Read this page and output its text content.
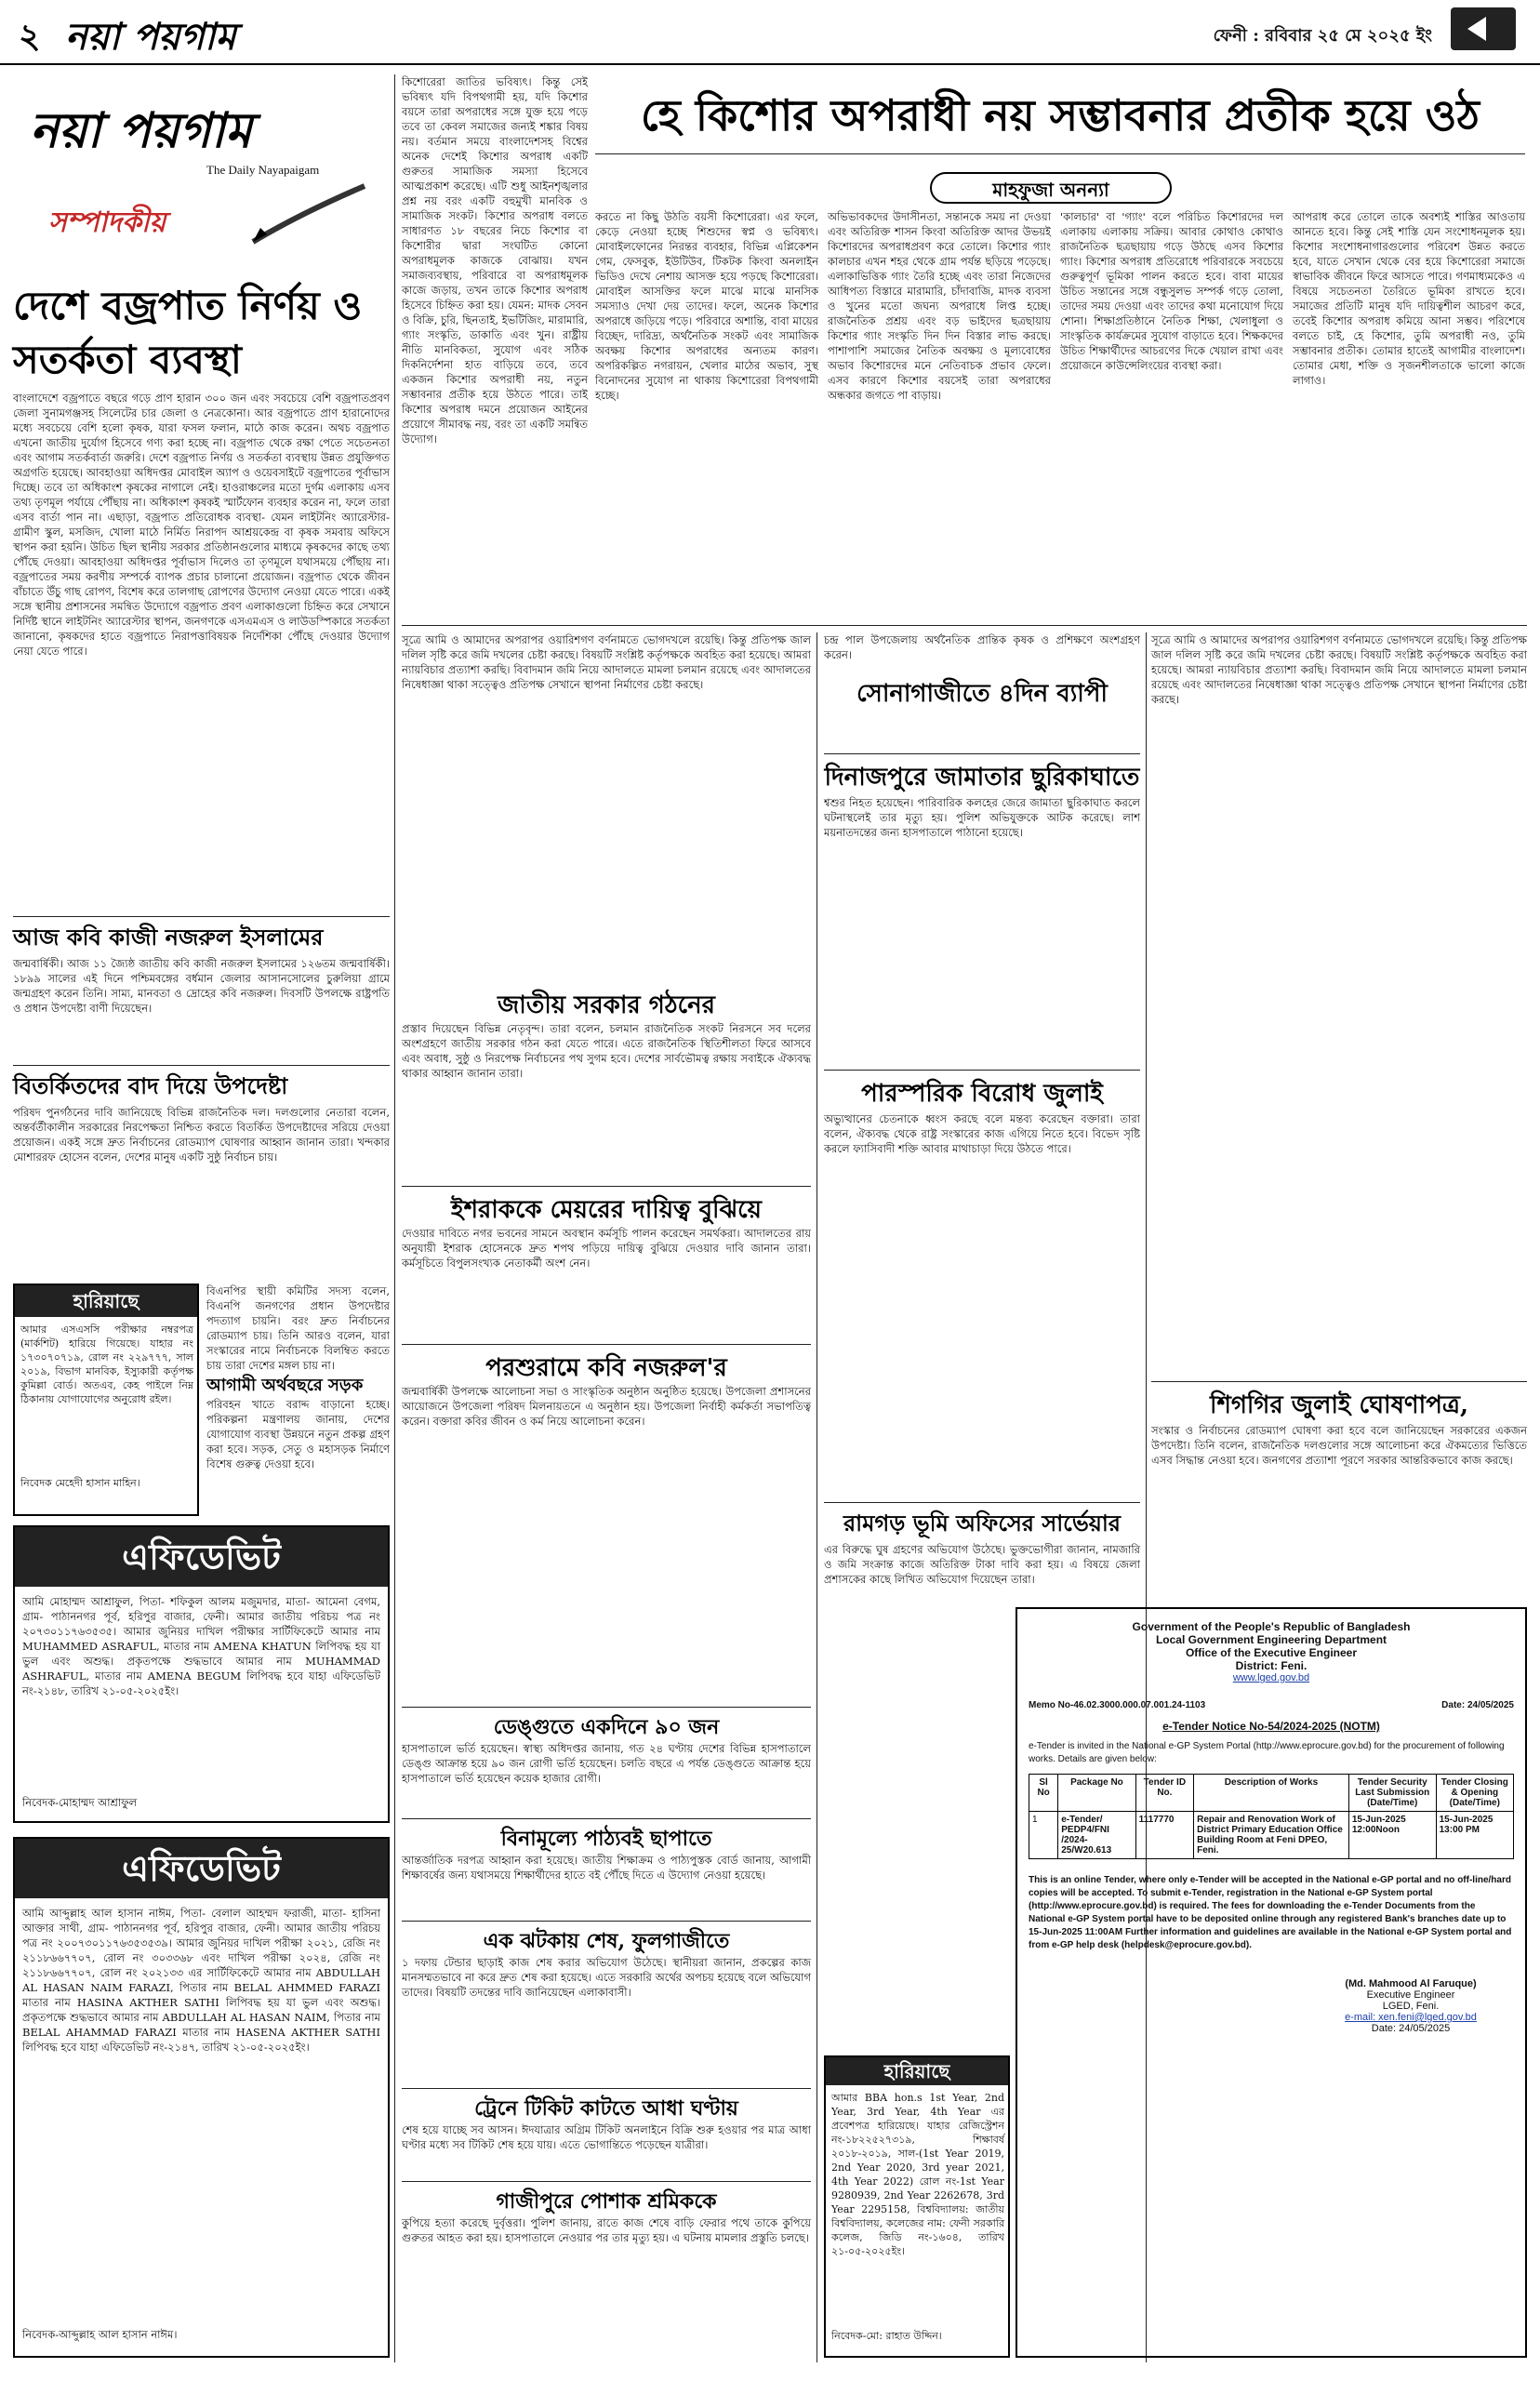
২ নয়া পয়গাম	ফেনী : রবিবার ২৫ মে ২০২৫ ইং
নয়া পয়গাম
The Daily Nayapaigam
সম্পাদকীয়
দেশে বজ্রপাত নির্ণয় ও সতর্কতা ব্যবস্থা
বাংলাদেশে বজ্রপাতে বছরে গড়ে প্রাণ হারান ৩০০ জন এবং সবচেয়ে বেশি বজ্রপাতপ্রবণ জেলা সুনামগঞ্জসহ সিলেটের চার জেলা ও নেত্রকোনা। আর বজ্রপাতে প্রাণ হারানোদের মধ্যে সবচেয়ে বেশি হলো কৃষক, যারা ফসল ফলান, মাঠে কাজ করেন। অথচ বজ্রপাত এখনো জাতীয় দুর্যোগ হিসেবে গণ্য করা হচ্ছে না। বজ্রপাত থেকে রক্ষা পেতে সচেতনতা এবং আগাম সতর্কবার্তা জরুরি। দেশে বজ্রপাত নির্ণয় ও সতর্কতা ব্যবস্থায় উন্নত প্রযুক্তিগত অগ্রগতি হয়েছে। আবহাওয়া অধিদপ্তর মোবাইল অ্যাপ ও ওয়েবসাইটে বজ্রপাতের পূর্বাভাস দিচ্ছে। তবে তা অধিকাংশ কৃষকের নাগালে নেই। হাওরাঞ্চলের মতো দুর্গম এলাকায় এসব তথ্য তৃণমূল পর্যায়ে পৌঁছায় না। অধিকাংশ কৃষকই স্মার্টফোন ব্যবহার করেন না, ফলে তারা এসব বার্তা পান না। এছাড়া, বজ্রপাত প্রতিরোধক ব্যবস্থা- যেমন লাইটনিং অ্যারেস্টার-গ্রামীণ স্কুল, মসজিদ, খোলা মাঠে নির্মিত নিরাপদ আশ্রয়কেন্দ্র বা কৃষক সমবায় অফিসে স্থাপন করা হয়নি। উচিত ছিল স্থানীয় সরকার প্রতিষ্ঠানগুলোর মাধ্যমে কৃষকদের কাছে তথ্য পৌঁছে দেওয়া। আবহাওয়া অধিদপ্তর পূর্বাভাস দিলেও তা তৃণমূলে যথাসময়ে পৌঁছায় না। বজ্রপাতের সময় করণীয় সম্পর্কে ব্যাপক প্রচার চালানো প্রয়োজন। বজ্রপাত থেকে জীবন বাঁচাতে উঁচু গাছ রোপণ, বিশেষ করে তালগাছ রোপণের উদ্যোগ নেওয়া যেতে পারে। একই সঙ্গে স্থানীয় প্রশাসনের সমন্বিত উদ্যোগে বজ্রপাত প্রবণ এলাকাগুলো চিহ্নিত করে সেখানে নির্দিষ্ট স্থানে লাইটনিং অ্যারেস্টার স্থাপন, জনগণকে এসএমএস ও লাউডস্পিকারে সতর্কতা জানানো, কৃষকদের হাতে বজ্রপাতে নিরাপত্তাবিষয়ক নির্দেশিকা পৌঁছে দেওয়ার উদ্যোগ নেয়া যেতে পারে।
কিশোরেরা জাতির ভবিষ্যৎ। কিন্তু সেই ভবিষ্যৎ যদি বিপথগামী হয়, যদি কিশোর বয়সে তারা অপরাধের সঙ্গে যুক্ত হয়ে পড়ে তবে তা কেবল সমাজের জন্যই শঙ্কার বিষয় নয়। বর্তমান সময়ে বাংলাদেশসহ বিশ্বের অনেক দেশেই কিশোর অপরাধ একটি গুরুতর সামাজিক সমস্যা হিসেবে আত্মপ্রকাশ করেছে। এটি শুধু আইনশৃঙ্খলার প্রশ্ন নয় বরং একটি বহুমুখী মানবিক ও সামাজিক সংকট। কিশোর অপরাধ বলতে সাধারণত ১৮ বছরের নিচে কিশোর বা কিশোরীর দ্বারা সংঘটিত কোনো অপরাধমূলক কাজকে বোঝায়। যখন সমাজব্যবস্থায়, পরিবারে বা অপরাধমূলক কাজে জড়ায়, তখন তাকে কিশোর অপরাধ হিসেবে চিহ্নিত করা হয়। যেমন: মাদক সেবন ও বিক্রি, চুরি, ছিনতাই, ইভটিজিং, মারামারি, গ্যাং সংস্কৃতি, ডাকাতি এবং খুন। রাষ্ট্রীয় নীতি মানবিকতা, সুযোগ এবং সঠিক দিকনির্দেশনা হাত বাড়িয়ে তবে, তবে একজন কিশোর অপরাধী নয়, নতুন সম্ভাবনার প্রতীক হয়ে উঠতে পারে। তাই কিশোর অপরাধ দমনে প্রয়োজন আইনের প্রয়োগে সীমাবদ্ধ নয়, বরং তা একটি সমন্বিত উদ্যোগ।
হে কিশোর অপরাধী নয় সম্ভাবনার প্রতীক হয়ে ওঠ
মাহফুজা অনন্যা
করতে না কিছু উঠতি বয়সী কিশোরেরা। এর ফলে, কেড়ে নেওয়া হচ্ছে শিশুদের স্বপ্ন ও ভবিষ্যৎ। মোবাইলফোনের নিরন্তর ব্যবহার, বিভিন্ন এপ্লিকেশন গেম, ফেসবুক, ইউটিউব, টিকটক কিংবা অনলাইন ভিডিও দেখে নেশায় আসক্ত হয়ে পড়ছে কিশোরেরা। মোবাইল আসক্তির ফলে মাঝে মাঝে মানসিক সমস্যাও দেখা দেয় তাদের। ফলে, অনেক কিশোর অপরাধে জড়িয়ে পড়ে। পরিবারে অশান্তি, বাবা মায়ের বিচ্ছেদ, দারিদ্র্য, অর্থনৈতিক সংকট এবং সামাজিক অবক্ষয় কিশোর অপরাধের অন্যতম কারণ। অপরিকল্পিত নগরায়ন, খেলার মাঠের অভাব, সুস্থ বিনোদনের সুযোগ না থাকায় কিশোরেরা বিপথগামী হচ্ছে।
অভিভাবকদের উদাসীনতা, সন্তানকে সময় না দেওয়া এবং অতিরিক্ত শাসন কিংবা অতিরিক্ত আদর উভয়ই কিশোরদের অপরাধপ্রবণ করে তোলে। কিশোর গ্যাং কালচার এখন শহর থেকে গ্রাম পর্যন্ত ছড়িয়ে পড়েছে। এলাকাভিত্তিক গ্যাং তৈরি হচ্ছে এবং তারা নিজেদের আধিপত্য বিস্তারে মারামারি, চাঁদাবাজি, মাদক ব্যবসা ও খুনের মতো জঘন্য অপরাধে লিপ্ত হচ্ছে। রাজনৈতিক প্রশ্রয় এবং বড় ভাইদের ছত্রছায়ায় কিশোর গ্যাং সংস্কৃতি দিন দিন বিস্তার লাভ করছে। পাশাপাশি সমাজের নৈতিক অবক্ষয় ও মূল্যবোধের অভাব কিশোরদের মনে নেতিবাচক প্রভাব ফেলে। এসব কারণে কিশোর বয়সেই তারা অপরাধের অন্ধকার জগতে পা বাড়ায়।
'কালচার' বা 'গ্যাং' বলে পরিচিত কিশোরদের দল এলাকায় এলাকায় সক্রিয়। আবার কোথাও কোথাও রাজনৈতিক ছত্রছায়ায় গড়ে উঠছে এসব কিশোর গ্যাং। কিশোর অপরাধ প্রতিরোধে পরিবারকে সবচেয়ে গুরুত্বপূর্ণ ভূমিকা পালন করতে হবে। বাবা মায়ের উচিত সন্তানের সঙ্গে বন্ধুসুলভ সম্পর্ক গড়ে তোলা, তাদের সময় দেওয়া এবং তাদের কথা মনোযোগ দিয়ে শোনা। শিক্ষাপ্রতিষ্ঠানে নৈতিক শিক্ষা, খেলাধুলা ও সাংস্কৃতিক কার্যক্রমের সুযোগ বাড়াতে হবে। শিক্ষকদের উচিত শিক্ষার্থীদের আচরণের দিকে খেয়াল রাখা এবং প্রয়োজনে কাউন্সেলিংয়ের ব্যবস্থা করা।
আপরাধ করে তোলে তাকে অবশ্যই শাস্তির আওতায় আনতে হবে। কিন্তু সেই শাস্তি যেন সংশোধনমূলক হয়। কিশোর সংশোধনাগারগুলোর পরিবেশ উন্নত করতে হবে, যাতে সেখান থেকে বের হয়ে কিশোরেরা সমাজে স্বাভাবিক জীবনে ফিরে আসতে পারে। গণমাধ্যমকেও এ বিষয়ে সচেতনতা তৈরিতে ভূমিকা রাখতে হবে। সমাজের প্রতিটি মানুষ যদি দায়িত্বশীল আচরণ করে, তবেই কিশোর অপরাধ কমিয়ে আনা সম্ভব। পরিশেষে বলতে চাই, হে কিশোর, তুমি অপরাধী নও, তুমি সম্ভাবনার প্রতীক। তোমার হাতেই আগামীর বাংলাদেশ। তোমার মেধা, শক্তি ও সৃজনশীলতাকে ভালো কাজে লাগাও।
আজ কবি কাজী নজরুল ইসলামের
জন্মবার্ষিকী। আজ ১১ জ্যৈষ্ঠ জাতীয় কবি কাজী নজরুল ইসলামের ১২৬তম জন্মবার্ষিকী। ১৮৯৯ সালের এই দিনে পশ্চিমবঙ্গের বর্ধমান জেলার আসানসোলের চুরুলিয়া গ্রামে জন্মগ্রহণ করেন তিনি। সাম্য, মানবতা ও দ্রোহের কবি নজরুল। দিবসটি উপলক্ষে রাষ্ট্রপতি ও প্রধান উপদেষ্টা বাণী দিয়েছেন।
বিতর্কিতদের বাদ দিয়ে উপদেষ্টা
পরিষদ পুনর্গঠনের দাবি জানিয়েছে বিভিন্ন রাজনৈতিক দল। দলগুলোর নেতারা বলেন, অন্তর্বর্তীকালীন সরকারের নিরপেক্ষতা নিশ্চিত করতে বিতর্কিত উপদেষ্টাদের সরিয়ে দেওয়া প্রয়োজন। একই সঙ্গে দ্রুত নির্বাচনের রোডম্যাপ ঘোষণার আহ্বান জানান তারা। খন্দকার মোশাররফ হোসেন বলেন, দেশের মানুষ একটি সুষ্ঠু নির্বাচন চায়।
হারিয়াছে
আমার এসএসসি পরীক্ষার নম্বরপত্র (মার্কশিট) হারিয়ে গিয়েছে। যাহার নং ১৭৩০৭০৭১৯, রোল নং ২২৯৭৭৭, সাল ২০১৯, বিভাগ মানবিক, ইস্যুকারী কর্তৃপক্ষ কুমিল্লা বোর্ড। অতএব, কেহ পাইলে নিম্ন ঠিকানায় যোগাযোগের অনুরোধ রইল।
নিবেদক মেহেদী হাসান মাহিন।
বিএনপির স্থায়ী কমিটির সদস্য বলেন, বিএনপি জনগণের প্রধান উপদেষ্টার পদত্যাগ চায়নি। বরং দ্রুত নির্বাচনের রোডম্যাপ চায়। তিনি আরও বলেন, যারা সংস্কারের নামে নির্বাচনকে বিলম্বিত করতে চায় তারা দেশের মঙ্গল চায় না।
আগামী অর্থবছরে সড়ক
পরিবহন খাতে বরাদ্দ বাড়ানো হচ্ছে। পরিকল্পনা মন্ত্রণালয় জানায়, দেশের যোগাযোগ ব্যবস্থা উন্নয়নে নতুন প্রকল্প গ্রহণ করা হবে। সড়ক, সেতু ও মহাসড়ক নির্মাণে বিশেষ গুরুত্ব দেওয়া হবে।
এফিডেভিট
আমি মোহাম্মদ আশ্রাফুল, পিতা- শফিকুল আলম মজুমদার, মাতা- আমেনা বেগম, গ্রাম- পাঠাননগর পূর্ব, হরিপুর বাজার, ফেনী। আমার জাতীয় পরিচয় পত্র নং ২০৭৩০১১৭৬৩৫৩৫। আমার জুনিয়র দাখিল পরীক্ষার সার্টিফিকেটে আমার নাম MUHAMMED ASRAFUL, মাতার নাম AMENA KHATUN লিপিবদ্ধ হয় যা ভুল এবং অশুদ্ধ। প্রকৃতপক্ষে শুদ্ধভাবে আমার নাম MUHAMMAD ASHRAFUL, মাতার নাম AMENA BEGUM লিপিবদ্ধ হবে যাহা এফিডেভিট নং-২১৪৮, তারিখ ২১-০৫-২০২৫ইং।
নিবেদক-মোহাম্মদ আশ্রাফুল
এফিডেভিট
আমি আব্দুল্লাহ আল হাসান নাঈম, পিতা- বেলাল আহম্মদ ফরাজী, মাতা- হাসিনা আক্তার সাথী, গ্রাম- পাঠাননগর পূর্ব, হরিপুর বাজার, ফেনী। আমার জাতীয় পরিচয় পত্র নং ২০০৭৩০১১৭৬৩৫৩৫৩৯। আমার জুনিয়র দাখিল পরীক্ষা ২০২১, রেজি নং ২১১৮৬৬৭৭০৭, রোল নং ৩০৩৩৬৮ এবং দাখিল পরীক্ষা ২০২৪, রেজি নং ২১১৮৬৬৭৭০৭, রোল নং ২০২১৩৩ এর সার্টিফিকেটে আমার নাম ABDULLAH AL HASAN NAIM FARAZI, পিতার নাম BELAL AHMMED FARAZI মাতার নাম HASINA AKTHER SATHI লিপিবদ্ধ হয় যা ভুল এবং অশুদ্ধ। প্রকৃতপক্ষে শুদ্ধভাবে আমার নাম ABDULLAH AL HASAN NAIM, পিতার নাম BELAL AHAMMAD FARAZI মাতার নাম HASENA AKTHER SATHI লিপিবদ্ধ হবে যাহা এফিডেভিট নং-২১৪৭, তারিখ ২১-০৫-২০২৫ইং।
নিবেদক-আব্দুল্লাহ আল হাসান নাঈম।
জাতীয় সরকার গঠনের
প্রস্তাব দিয়েছেন বিভিন্ন নেতৃবৃন্দ। তারা বলেন, চলমান রাজনৈতিক সংকট নিরসনে সব দলের অংশগ্রহণে জাতীয় সরকার গঠন করা যেতে পারে। এতে রাজনৈতিক স্থিতিশীলতা ফিরে আসবে এবং অবাধ, সুষ্ঠু ও নিরপেক্ষ নির্বাচনের পথ সুগম হবে। দেশের সার্বভৌমত্ব রক্ষায় সবাইকে ঐক্যবদ্ধ থাকার আহ্বান জানান তারা।
সূত্রে আমি ও আমাদের অপরাপর ওয়ারিশগণ বর্ণনামতে ভোগদখলে রয়েছি। কিন্তু প্রতিপক্ষ জাল দলিল সৃষ্টি করে জমি দখলের চেষ্টা করছে। বিষয়টি সংশ্লিষ্ট কর্তৃপক্ষকে অবহিত করা হয়েছে। আমরা ন্যায়বিচার প্রত্যাশা করছি। বিবাদমান জমি নিয়ে আদালতে মামলা চলমান রয়েছে এবং আদালতের নিষেধাজ্ঞা থাকা সত্ত্বেও প্রতিপক্ষ সেখানে স্থাপনা নির্মাণের চেষ্টা করছে।
ইশরাককে মেয়রের দায়িত্ব বুঝিয়ে
দেওয়ার দাবিতে নগর ভবনের সামনে অবস্থান কর্মসূচি পালন করেছেন সমর্থকরা। আদালতের রায় অনুযায়ী ইশরাক হোসেনকে দ্রুত শপথ পড়িয়ে দায়িত্ব বুঝিয়ে দেওয়ার দাবি জানান তারা। কর্মসূচিতে বিপুলসংখ্যক নেতাকর্মী অংশ নেন।
পরশুরামে কবি নজরুল'র
জন্মবার্ষিকী উপলক্ষে আলোচনা সভা ও সাংস্কৃতিক অনুষ্ঠান অনুষ্ঠিত হয়েছে। উপজেলা প্রশাসনের আয়োজনে উপজেলা পরিষদ মিলনায়তনে এ অনুষ্ঠান হয়। উপজেলা নির্বাহী কর্মকর্তা সভাপতিত্ব করেন। বক্তারা কবির জীবন ও কর্ম নিয়ে আলোচনা করেন।
ডেঙ্গুতে একদিনে ৯০ জন
হাসপাতালে ভর্তি হয়েছেন। স্বাস্থ্য অধিদপ্তর জানায়, গত ২৪ ঘণ্টায় দেশের বিভিন্ন হাসপাতালে ডেঙ্গু আক্রান্ত হয়ে ৯০ জন রোগী ভর্তি হয়েছেন। চলতি বছরে এ পর্যন্ত ডেঙ্গুতে আক্রান্ত হয়ে হাসপাতালে ভর্তি হয়েছেন কয়েক হাজার রোগী।
বিনামূল্যে পাঠ্যবই ছাপাতে
আন্তর্জাতিক দরপত্র আহ্বান করা হয়েছে। জাতীয় শিক্ষাক্রম ও পাঠ্যপুস্তক বোর্ড জানায়, আগামী শিক্ষাবর্ষের জন্য যথাসময়ে শিক্ষার্থীদের হাতে বই পৌঁছে দিতে এ উদ্যোগ নেওয়া হয়েছে।
এক ঝটকায় শেষ, ফুলগাজীতে
১ দফায় টেন্ডার ছাড়াই কাজ শেষ করার অভিযোগ উঠেছে। স্থানীয়রা জানান, প্রকল্পের কাজ মানসম্মতভাবে না করে দ্রুত শেষ করা হয়েছে। এতে সরকারি অর্থের অপচয় হয়েছে বলে অভিযোগ তাদের। বিষয়টি তদন্তের দাবি জানিয়েছেন এলাকাবাসী।
ট্রেনে টিকিট কাটতে আধা ঘণ্টায়
শেষ হয়ে যাচ্ছে সব আসন। ঈদযাত্রার অগ্রিম টিকিট অনলাইনে বিক্রি শুরু হওয়ার পর মাত্র আধা ঘণ্টার মধ্যে সব টিকিট শেষ হয়ে যায়। এতে ভোগান্তিতে পড়েছেন যাত্রীরা।
গাজীপুরে পোশাক শ্রমিককে
কুপিয়ে হত্যা করেছে দুর্বৃত্তরা। পুলিশ জানায়, রাতে কাজ শেষে বাড়ি ফেরার পথে তাকে কুপিয়ে গুরুতর আহত করা হয়। হাসপাতালে নেওয়ার পর তার মৃত্যু হয়। এ ঘটনায় মামলার প্রস্তুতি চলছে।
চন্দ্র পাল উপজেলায় অর্থনৈতিক প্রান্তিক কৃষক ও প্রশিক্ষণে অংশগ্রহণ করেন।
সোনাগাজীতে ৪দিন ব্যাপী
দিনাজপুরে জামাতার ছুরিকাঘাতে
শ্বশুর নিহত হয়েছেন। পারিবারিক কলহের জেরে জামাতা ছুরিকাঘাত করলে ঘটনাস্থলেই তার মৃত্যু হয়। পুলিশ অভিযুক্তকে আটক করেছে। লাশ ময়নাতদন্তের জন্য হাসপাতালে পাঠানো হয়েছে।
পারস্পরিক বিরোধ জুলাই
অভ্যুত্থানের চেতনাকে ধ্বংস করছে বলে মন্তব্য করেছেন বক্তারা। তারা বলেন, ঐক্যবদ্ধ থেকে রাষ্ট্র সংস্কারের কাজ এগিয়ে নিতে হবে। বিভেদ সৃষ্টি করলে ফ্যাসিবাদী শক্তি আবার মাথাচাড়া দিয়ে উঠতে পারে।
রামগড় ভূমি অফিসের সার্ভেয়ার
এর বিরুদ্ধে ঘুষ গ্রহণের অভিযোগ উঠেছে। ভুক্তভোগীরা জানান, নামজারি ও জমি সংক্রান্ত কাজে অতিরিক্ত টাকা দাবি করা হয়। এ বিষয়ে জেলা প্রশাসকের কাছে লিখিত অভিযোগ দিয়েছেন তারা।
হারিয়াছে
আমার BBA hon.s 1st Year, 2nd Year, 3rd Year, 4th Year এর প্রবেশপত্র হারিয়েছে। যাহার রেজিস্ট্রেশন নং-১৮২২৫২৭৩১৯, শিক্ষাবর্ষ ২০১৮-২০১৯, সাল-(1st Year 2019, 2nd Year 2020, 3rd year 2021, 4th Year 2022) রোল নং-1st Year 9280939, 2nd Year 2262678, 3rd Year 2295158, বিশ্ববিদ্যালয়: জাতীয় বিশ্ববিদ্যালয়, কলেজের নাম: ফেনী সরকারি কলেজ, জিডি নং-১৬০৪, তারিখ ২১-০৫-২০২৫ইং।
নিবেদক-মো: রাহাত উদ্দিন।
সূত্রে আমি ও আমাদের অপরাপর ওয়ারিশগণ বর্ণনামতে ভোগদখলে রয়েছি। কিন্তু প্রতিপক্ষ জাল দলিল সৃষ্টি করে জমি দখলের চেষ্টা করছে। বিষয়টি সংশ্লিষ্ট কর্তৃপক্ষকে অবহিত করা হয়েছে। আমরা ন্যায়বিচার প্রত্যাশা করছি। বিবাদমান জমি নিয়ে আদালতে মামলা চলমান রয়েছে এবং আদালতের নিষেধাজ্ঞা থাকা সত্ত্বেও প্রতিপক্ষ সেখানে স্থাপনা নির্মাণের চেষ্টা করছে।
শিগগির জুলাই ঘোষণাপত্র,
সংস্কার ও নির্বাচনের রোডম্যাপ ঘোষণা করা হবে বলে জানিয়েছেন সরকারের একজন উপদেষ্টা। তিনি বলেন, রাজনৈতিক দলগুলোর সঙ্গে আলোচনা করে ঐকমত্যের ভিত্তিতে এসব সিদ্ধান্ত নেওয়া হবে। জনগণের প্রত্যাশা পূরণে সরকার আন্তরিকভাবে কাজ করছে।
Government of the People's Republic of Bangladesh
Local Government Engineering Department
Office of the Executive Engineer
District: Feni.
www.lged.gov.bd
Memo No-46.02.3000.000.07.001.24-1103	Date: 24/05/2025
e-Tender Notice No-54/2024-2025 (NOTM)
e-Tender is invited in the National e-GP System Portal (http://www.eprocure.gov.bd) for the procurement of following works. Details are given below:
Sl No	Package No	Tender ID No.	Description of Works	Tender Security Last Submission (Date/Time)	Tender Closing & Opening (Date/Time)
1	e-Tender/ PEDP4/FNI /2024-25/W20.613	1117770	Repair and Renovation Work of District Primary Education Office Building Room at Feni DPEO, Feni.	15-Jun-2025 12:00Noon	15-Jun-2025 13:00 PM
This is an online Tender, where only e-Tender will be accepted in the National e-GP portal and no off-line/hard copies will be accepted. To submit e-Tender, registration in the National e-GP System portal (http://www.eprocure.gov.bd) is required. The fees for downloading the e-Tender Documents from the National e-GP System portal have to be deposited online through any registered Bank's branches date up to 15-Jun-2025 11:00AM Further information and guidelines are available in the National e-GP System portal and from e-GP help desk (helpdesk@eprocure.gov.bd).
(Md. Mahmood Al Faruque)
Executive Engineer
LGED, Feni.
e-mail: xen.feni@lged.gov.bd
Date: 24/05/2025
